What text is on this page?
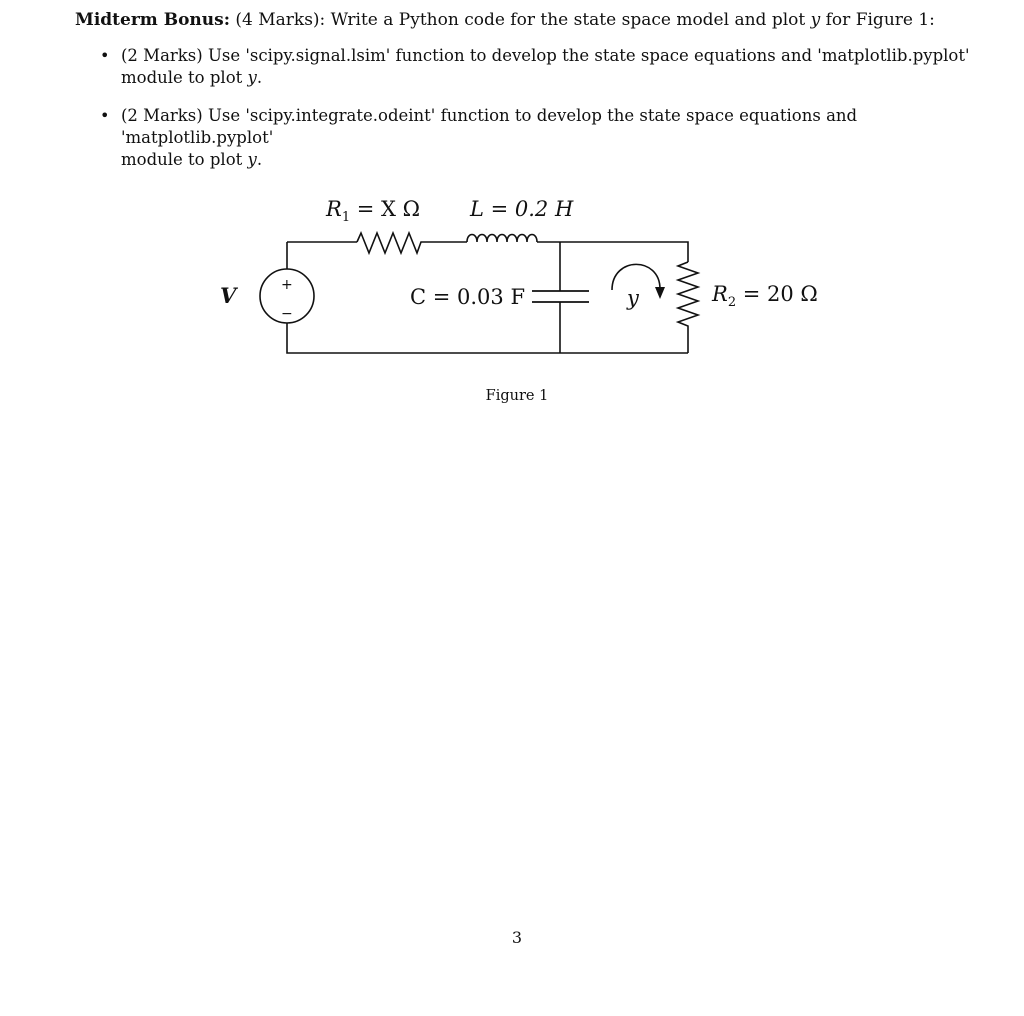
Midterm Bonus: (4 Marks): Write a Python code for the state space model and plot y for Figure 1:
• (2 Marks) Use 'scipy.signal.lsim' function to develop the state space equations and 'matplotlib.pyplot'
module to plot y.
• (2 Marks) Use 'scipy.integrate.odeint' function to develop the state space equations and 'matplotlib.pyplot'
module to plot y.
$R_1 = X$ Ω L = 0.2 H
V	+
−
C = 0.03 F	y	$R_2 = 20$ Ω
Figure 1
3
